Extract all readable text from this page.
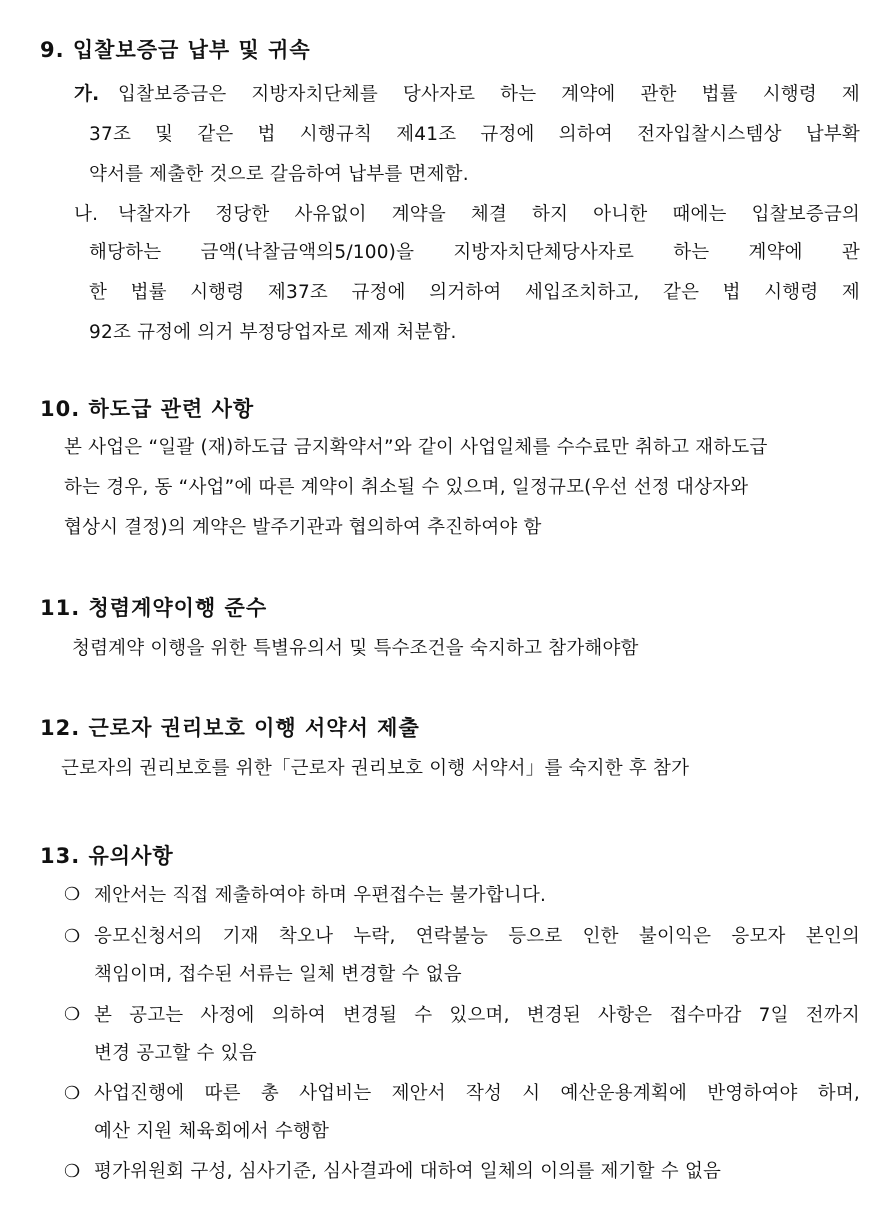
9. 입찰보증금 납부 및 귀속
가. 입찰보증금은 지방자치단체를 당사자로 하는 계약에 관한 법률 시행령 제
37조 및 같은 법 시행규칙 제41조 규정에 의하여 전자입찰시스템상 납부확
약서를 제출한 것으로 갈음하여 납부를 면제함.
나. 낙찰자가 정당한 사유없이 계약을 체결 하지 아니한 때에는 입찰보증금의
해당하는 금액(낙찰금액의5/100)을 지방자치단체당사자로 하는 계약에 관
한 법률 시행령 제37조 규정에 의거하여 세입조치하고, 같은 법 시행령 제
92조 규정에 의거 부정당업자로 제재 처분함.
10. 하도급 관련 사항
본 사업은 “일괄 (재)하도급 금지확약서”와 같이 사업일체를 수수료만 취하고 재하도급
하는 경우, 동 “사업”에 따른 계약이 취소될 수 있으며, 일정규모(우선 선정 대상자와
협상시 결정)의 계약은 발주기관과 협의하여 추진하여야 함
11. 청렴계약이행 준수
청렴계약 이행을 위한 특별유의서 및 특수조건을 숙지하고 참가해야함
12. 근로자 권리보호 이행 서약서 제출
근로자의 권리보호를 위한「근로자 권리보호 이행 서약서」를 숙지한 후 참가
13. 유의사항
❍ 제안서는 직접 제출하여야 하며 우편접수는 불가합니다.
❍ 응모신청서의 기재 착오나 누락, 연락불능 등으로 인한 불이익은 응모자 본인의
책임이며, 접수된 서류는 일체 변경할 수 없음
❍ 본 공고는 사정에 의하여 변경될 수 있으며, 변경된 사항은 접수마감 7일 전까지
변경 공고할 수 있음
❍ 사업진행에 따른 총 사업비는 제안서 작성 시 예산운용계획에 반영하여야 하며,
예산 지원 체육회에서 수행함
❍ 평가위원회 구성, 심사기준, 심사결과에 대하여 일체의 이의를 제기할 수 없음
